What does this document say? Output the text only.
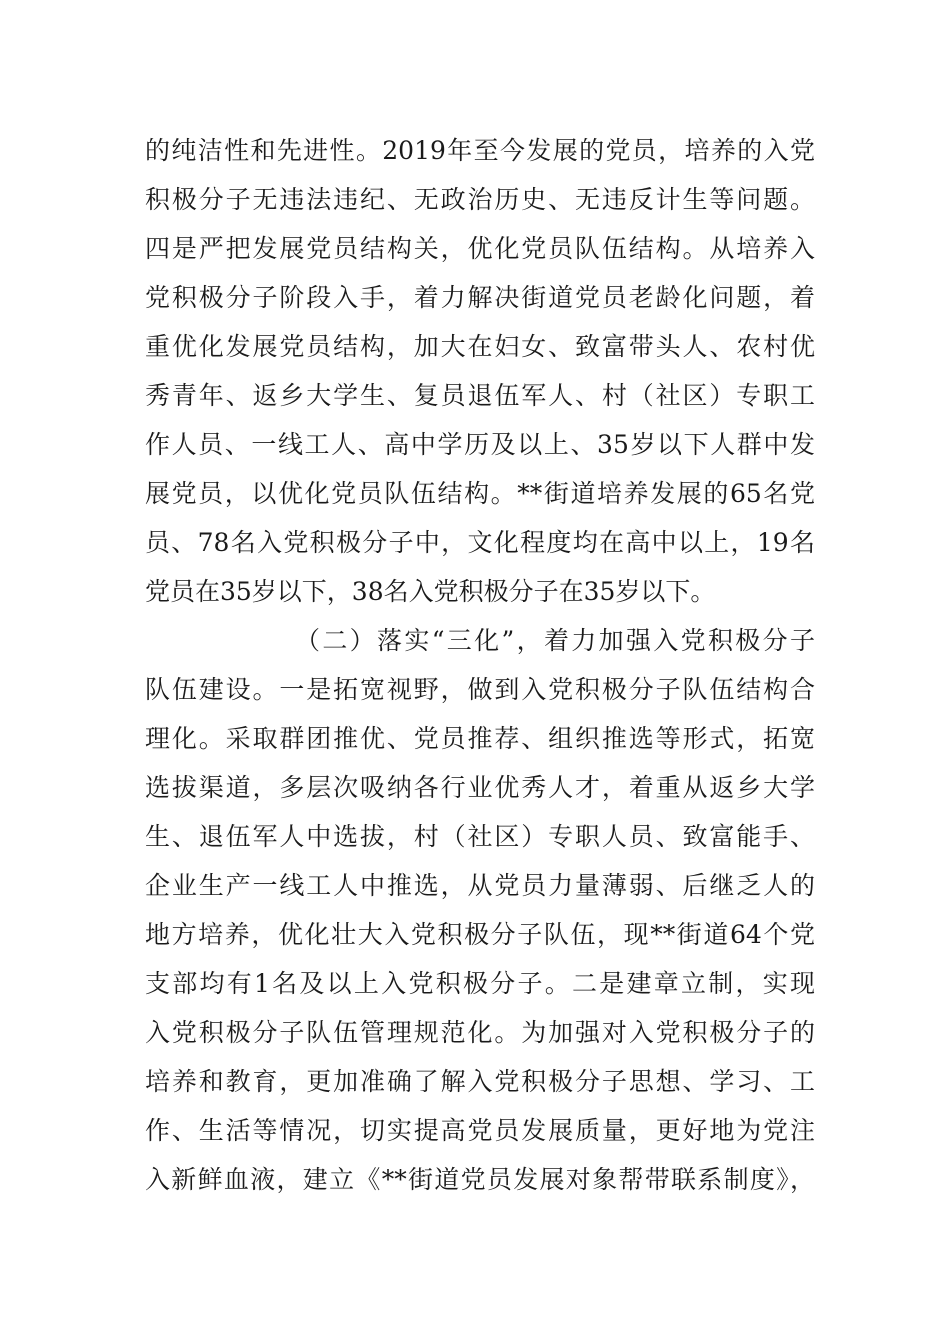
的纯洁性和先进性。2019年至今发展的党员，培养的入党
积极分子无违法违纪、无政治历史、无违反计生等问题。
四是严把发展党员结构关，优化党员队伍结构。从培养入
党积极分子阶段入手，着力解决街道党员老龄化问题，着
重优化发展党员结构，加大在妇女、致富带头人、农村优
秀青年、返乡大学生、复员退伍军人、村（社区）专职工
作人员、一线工人、高中学历及以上、35岁以下人群中发
展党员，以优化党员队伍结构。**街道培养发展的65名党
员、78名入党积极分子中，文化程度均在高中以上，19名
党员在35岁以下，38名入党积极分子在35岁以下。
（二）落实“三化”，着力加强入党积极分子
队伍建设。一是拓宽视野，做到入党积极分子队伍结构合
理化。采取群团推优、党员推荐、组织推选等形式，拓宽
选拔渠道，多层次吸纳各行业优秀人才，着重从返乡大学
生、退伍军人中选拔，村（社区）专职人员、致富能手、
企业生产一线工人中推选，从党员力量薄弱、后继乏人的
地方培养，优化壮大入党积极分子队伍，现**街道64个党
支部均有1名及以上入党积极分子。二是建章立制，实现
入党积极分子队伍管理规范化。为加强对入党积极分子的
培养和教育，更加准确了解入党积极分子思想、学习、工
作、生活等情况，切实提高党员发展质量，更好地为党注
入新鲜血液，建立《**街道党员发展对象帮带联系制度》，
